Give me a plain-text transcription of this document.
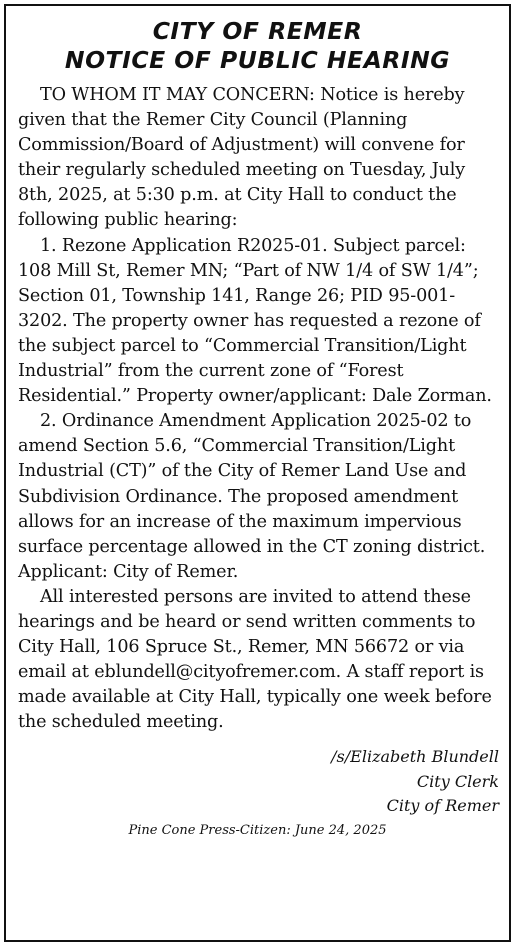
CITY OF REMER
NOTICE OF PUBLIC HEARING

TO WHOM IT MAY CONCERN: Notice is hereby given that the Remer City Council (Planning Commission/Board of Adjustment) will convene for their regularly scheduled meeting on Tuesday, July 8th, 2025, at 5:30 p.m. at City Hall to conduct the following public hearing:

1. Rezone Application R2025-01. Subject parcel: 108 Mill St, Remer MN; “Part of NW 1/4 of SW 1/4”; Section 01, Township 141, Range 26; PID 95-001-3202. The property owner has requested a rezone of the subject parcel to “Commercial Transition/Light Industrial” from the current zone of “Forest Residential.” Property owner/applicant: Dale Zorman.

2. Ordinance Amendment Application 2025-02 to amend Section 5.6, “Commercial Transition/Light Industrial (CT)” of the City of Remer Land Use and Subdivision Ordinance. The proposed amendment allows for an increase of the maximum impervious surface percentage allowed in the CT zoning district. Applicant: City of Remer.

All interested persons are invited to attend these hearings and be heard or send written comments to City Hall, 106 Spruce St., Remer, MN 56672 or via email at eblundell@cityofremer.com. A staff report is made available at City Hall, typically one week before the scheduled meeting.

/s/Elizabeth Blundell
City Clerk
City of Remer
Pine Cone Press-Citizen: June 24, 2025
